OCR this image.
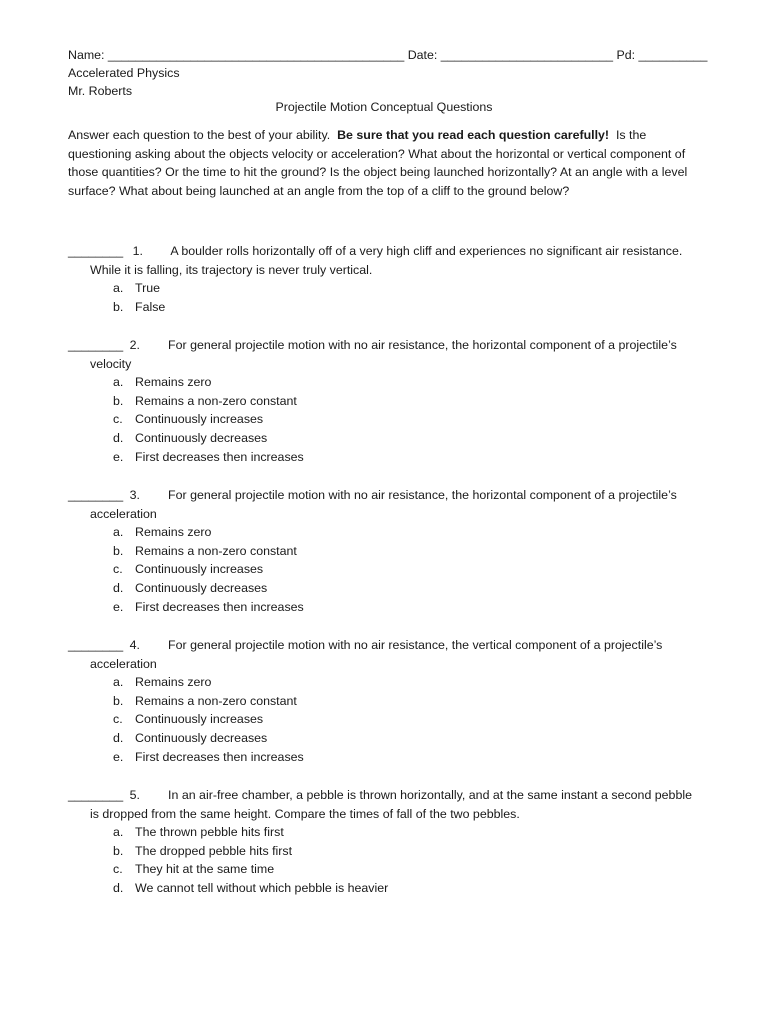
Name: ___________________________________________ Date: _________________________ Pd: __________
Accelerated Physics
Mr. Roberts
Projectile Motion Conceptual Questions

Answer each question to the best of your ability. Be sure that you read each question carefully! Is the questioning asking about the objects velocity or acceleration? What about the horizontal or vertical component of those quantities? Or the time to hit the ground? Is the object being launched horizontally? At an angle with a level surface? What about being launched at an angle from the top of a cliff to the ground below?

________ 1. A boulder rolls horizontally off of a very high cliff and experiences no significant air resistance.
While it is falling, its trajectory is never truly vertical.
a. True
b. False
________ 2. For general projectile motion with no air resistance, the horizontal component of a projectile’s
velocity
a. Remains zero
b. Remains a non-zero constant
c. Continuously increases
d. Continuously decreases
e. First decreases then increases
________ 3. For general projectile motion with no air resistance, the horizontal component of a projectile’s
acceleration
a. Remains zero
b. Remains a non-zero constant
c. Continuously increases
d. Continuously decreases
e. First decreases then increases
________ 4. For general projectile motion with no air resistance, the vertical component of a projectile’s
acceleration
a. Remains zero
b. Remains a non-zero constant
c. Continuously increases
d. Continuously decreases
e. First decreases then increases
________ 5. In an air-free chamber, a pebble is thrown horizontally, and at the same instant a second pebble
is dropped from the same height. Compare the times of fall of the two pebbles.
a. The thrown pebble hits first
b. The dropped pebble hits first
c. They hit at the same time
d. We cannot tell without which pebble is heavier
